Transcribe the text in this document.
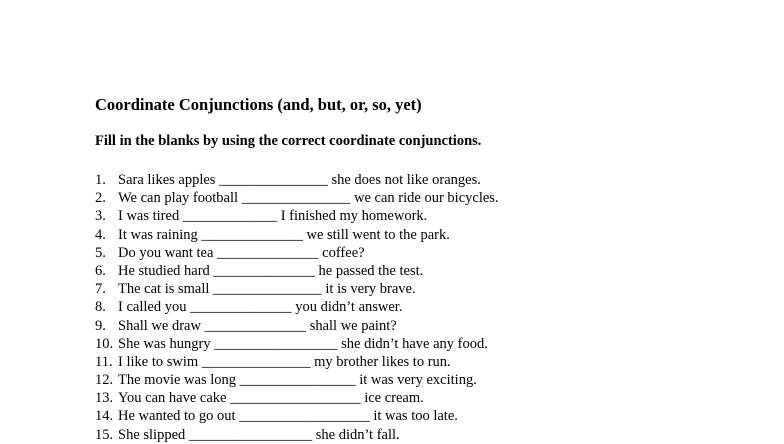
Coordinate Conjunctions (and, but, or, so, yet)

Fill in the blanks by using the correct coordinate conjunctions.

1. Sara likes apples _______________ she does not like oranges.
2. We can play football _______________ we can ride our bicycles.
3. I was tired _____________ I finished my homework.
4. It was raining ______________ we still went to the park.
5. Do you want tea ______________ coffee?
6. He studied hard ______________ he passed the test.
7. The cat is small _______________ it is very brave.
8. I called you ______________ you didn’t answer.
9. Shall we draw ______________ shall we paint?
10. She was hungry _________________ she didn’t have any food.
11. I like to swim _______________ my brother likes to run.
12. The movie was long ________________ it was very exciting.
13. You can have cake __________________ ice cream.
14. He wanted to go out __________________ it was too late.
15. She slipped _________________ she didn’t fall.
